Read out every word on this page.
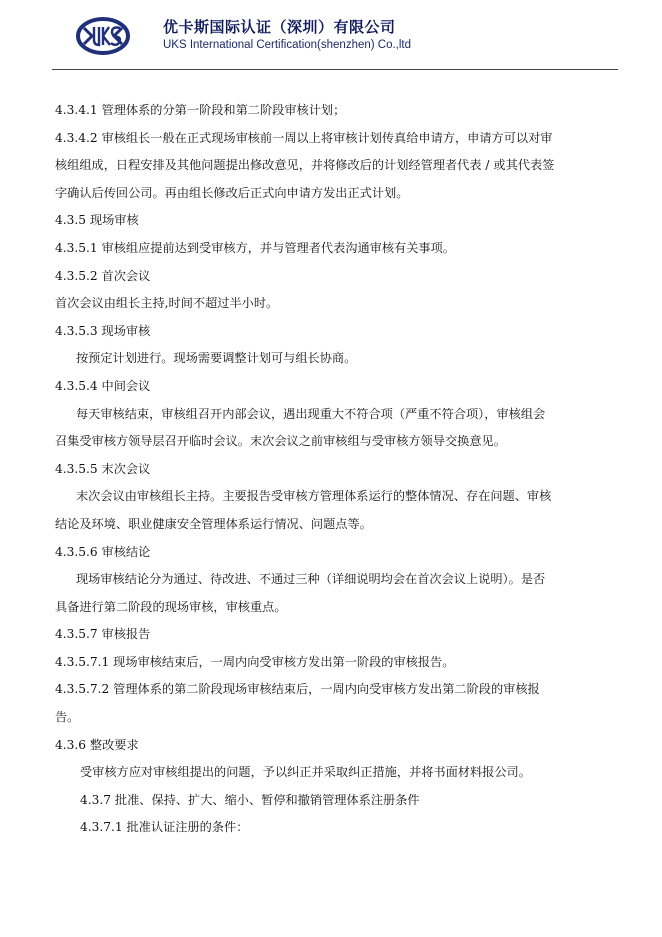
优卡斯国际认证（深圳）有限公司
UKS International Certification(shenzhen) Co.,ltd
4.3.4.1 管理体系的分第一阶段和第二阶段审核计划；
4.3.4.2 审核组长一般在正式现场审核前一周以上将审核计划传真给申请方，申请方可以对审
核组组成，日程安排及其他问题提出修改意见，并将修改后的计划经管理者代表 / 或其代表签
字确认后传回公司。再由组长修改后正式向申请方发出正式计划。
4.3.5 现场审核
4.3.5.1 审核组应提前达到受审核方，并与管理者代表沟通审核有关事项。
4.3.5.2 首次会议
首次会议由组长主持,时间不超过半小时。
4.3.5.3 现场审核
按预定计划进行。现场需要调整计划可与组长协商。
4.3.5.4 中间会议
每天审核结束，审核组召开内部会议，遇出现重大不符合项（严重不符合项），审核组会
召集受审核方领导层召开临时会议。末次会议之前审核组与受审核方领导交换意见。
4.3.5.5 末次会议
末次会议由审核组长主持。主要报告受审核方管理体系运行的整体情况、存在问题、审核
结论及环境、职业健康安全管理体系运行情况、问题点等。
4.3.5.6 审核结论
现场审核结论分为通过、待改进、不通过三种（详细说明均会在首次会议上说明）。是否
具备进行第二阶段的现场审核，审核重点。
4.3.5.7 审核报告
4.3.5.7.1 现场审核结束后，一周内向受审核方发出第一阶段的审核报告。
4.3.5.7.2 管理体系的第二阶段现场审核结束后，一周内向受审核方发出第二阶段的审核报
告。
4.3.6 整改要求
受审核方应对审核组提出的问题，予以纠正并采取纠正措施，并将书面材料报公司。
4.3.7 批准、保持、扩大、缩小、暂停和撤销管理体系注册条件
4.3.7.1 批准认证注册的条件：
